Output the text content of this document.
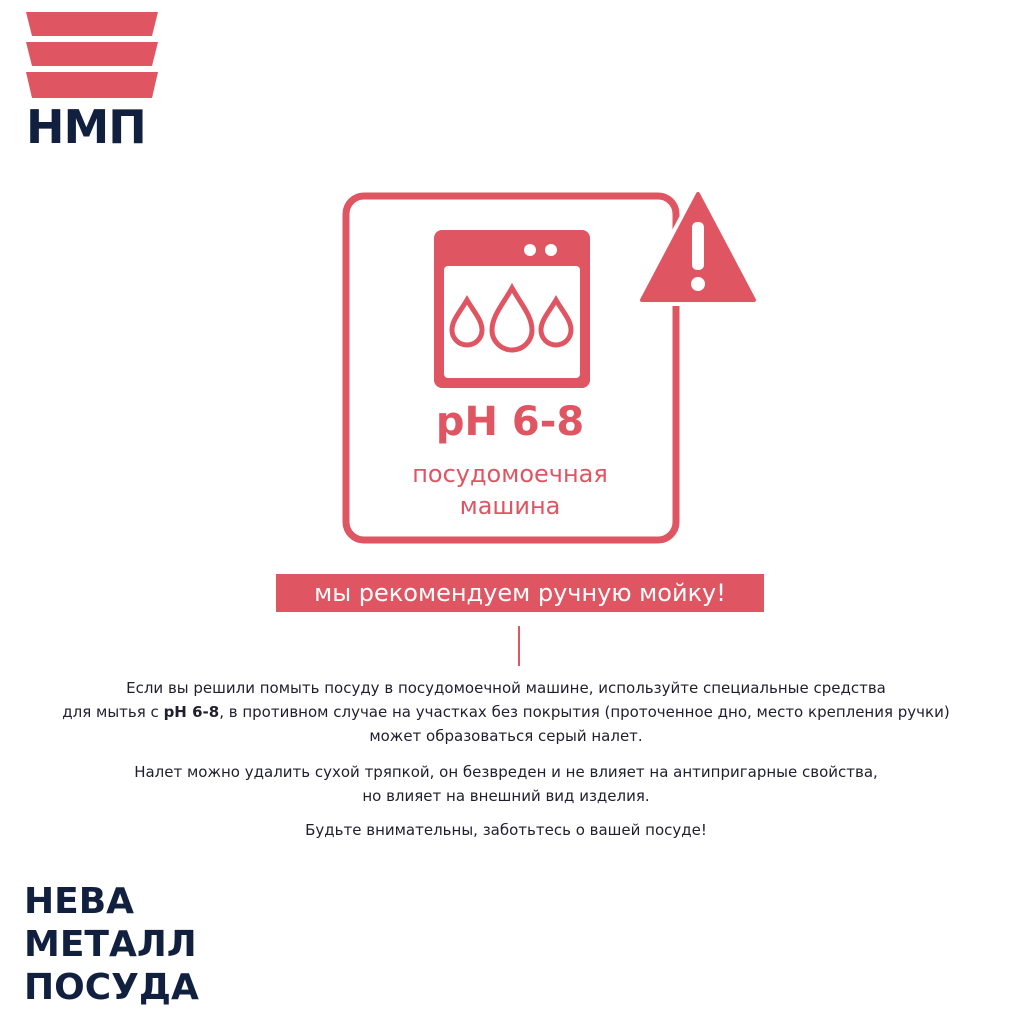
НМП
pH 6-8
посудомоечная
машина
мы рекомендуем ручную мойку!
Если вы решили помыть посуду в посудомоечной машине, используйте специальные средства
для мытья с pH 6-8, в противном случае на участках без покрытия (проточенное дно, место крепления ручки)
может образоваться серый налет.
Налет можно удалить сухой тряпкой, он безвреден и не влияет на антипригарные свойства,
но влияет на внешний вид изделия.
Будьте внимательны, заботьтесь о вашей посуде!
НЕВА
МЕТАЛЛ
ПОСУДА
